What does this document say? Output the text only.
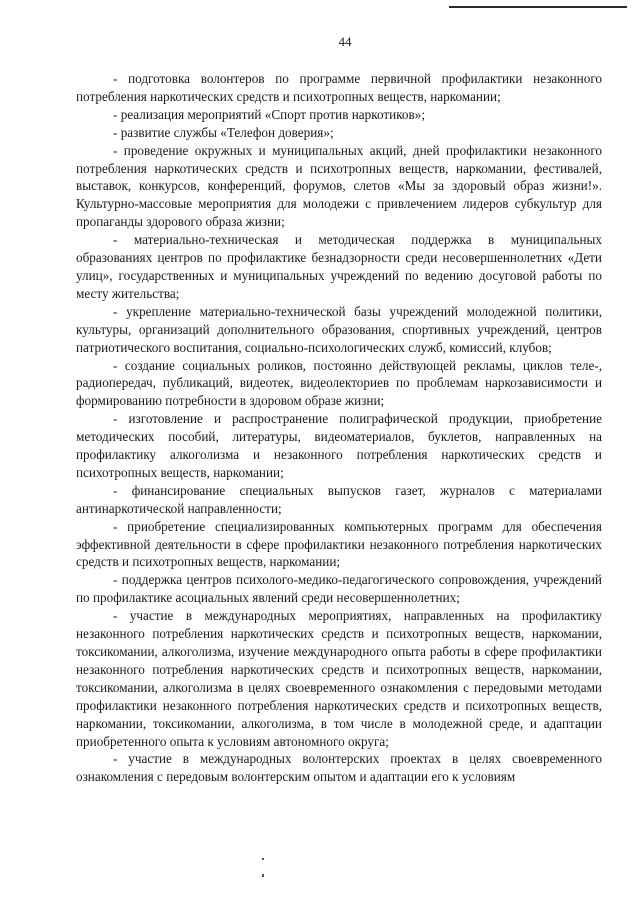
44

- подготовка волонтеров по программе первичной профилактики незаконного потребления наркотических средств и психотропных веществ, наркомании;

- реализация мероприятий «Спорт против наркотиков»;

- развитие службы «Телефон доверия»;

- проведение окружных и муниципальных акций, дней профилактики незаконного потребления наркотических средств и психотропных веществ, наркомании, фестивалей, выставок, конкурсов, конференций, форумов, слетов «Мы за здоровый образ жизни!». Культурно-массовые мероприятия для молодежи с привлечением лидеров субкультур для пропаганды здорового образа жизни;

- материально-техническая и методическая поддержка в муниципальных образованиях центров по профилактике безнадзорности среди несовершеннолетних «Дети улиц», государственных и муниципальных учреждений по ведению досуговой работы по месту жительства;

- укрепление материально-технической базы учреждений молодежной политики, культуры, организаций дополнительного образования, спортивных учреждений, центров патриотического воспитания, социально-психологических служб, комиссий, клубов;

- создание социальных роликов, постоянно действующей рекламы, циклов теле-, радиопередач, публикаций, видеотек, видеолекториев по проблемам наркозависимости и формированию потребности в здоровом образе жизни;

- изготовление и распространение полиграфической продукции, приобретение методических пособий, литературы, видеоматериалов, буклетов, направленных на профилактику алкоголизма и незаконного потребления наркотических средств и психотропных веществ, наркомании;

- финансирование специальных выпусков газет, журналов с материалами антинаркотической направленности;

- приобретение специализированных компьютерных программ для обеспечения эффективной деятельности в сфере профилактики незаконного потребления наркотических средств и психотропных веществ, наркомании;

- поддержка центров психолого-медико-педагогического сопровождения, учреждений по профилактике асоциальных явлений среди несовершеннолетних;

- участие в международных мероприятиях, направленных на профилактику незаконного потребления наркотических средств и психотропных веществ, наркомании, токсикомании, алкоголизма, изучение международного опыта работы в сфере профилактики незаконного потребления наркотических средств и психотропных веществ, наркомании, токсикомании, алкоголизма в целях своевременного ознакомления с передовыми методами профилактики незаконного потребления наркотических средств и психотропных веществ, наркомании, токсикомании, алкоголизма, в том числе в молодежной среде, и адаптации приобретенного опыта к условиям автономного округа;

- участие в международных волонтерских проектах в целях своевременного ознакомления с передовым волонтерским опытом и адаптации его к условиям
